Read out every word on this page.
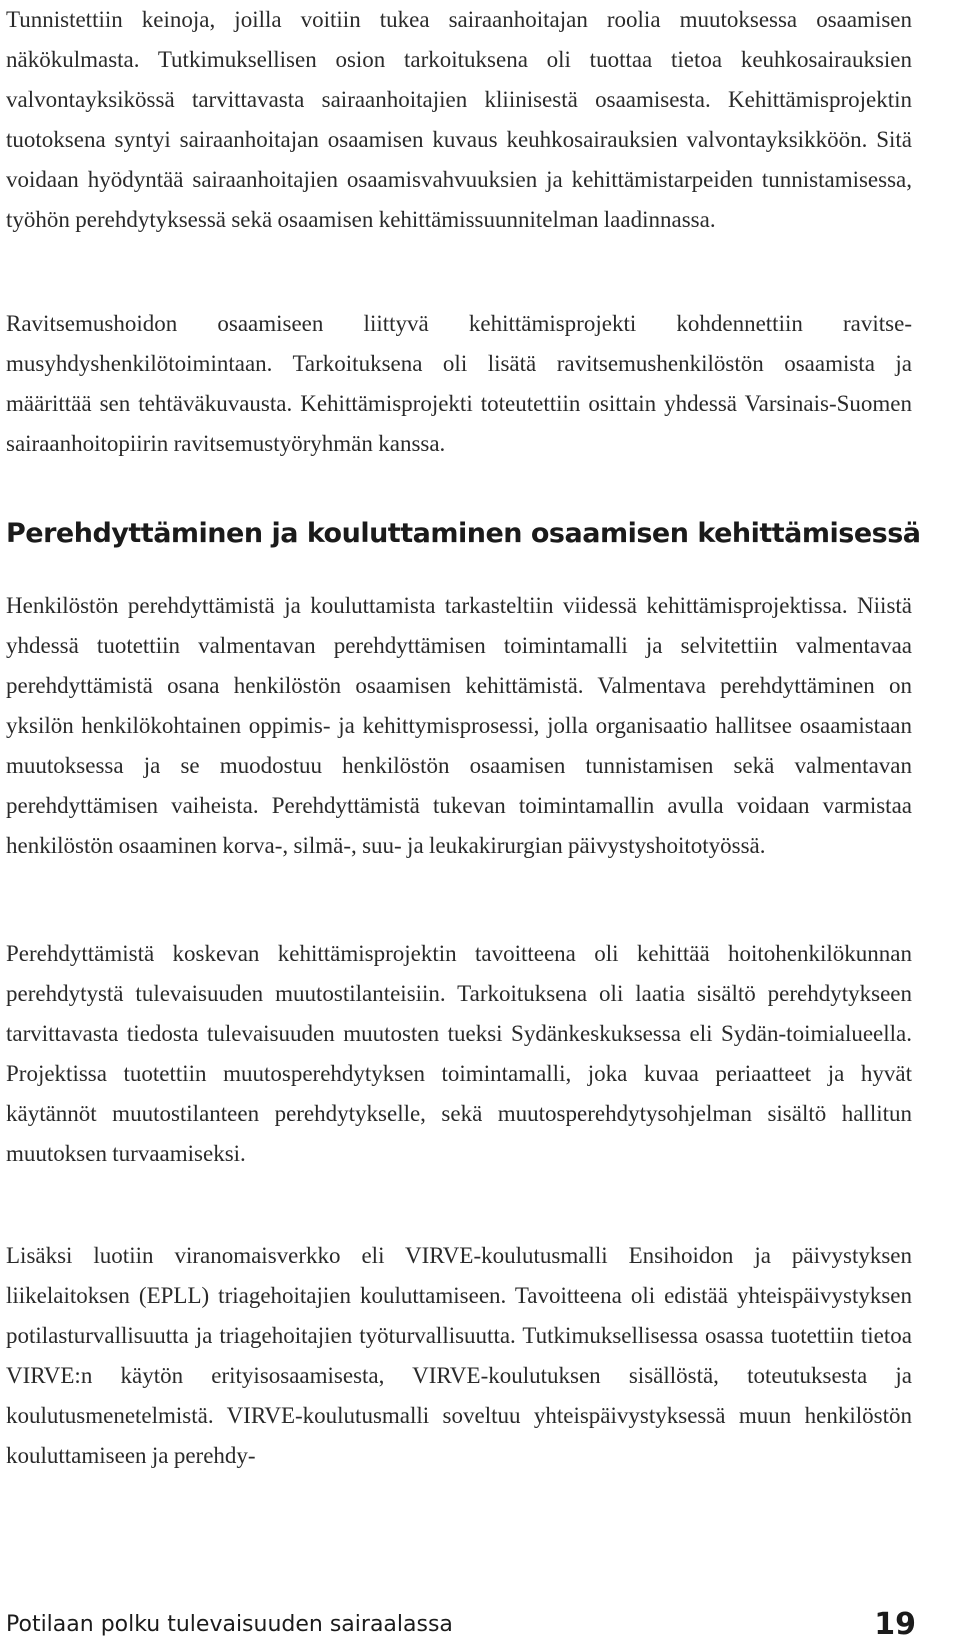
Tunnistettiin keinoja, joilla voitiin tukea sairaanhoitajan roolia muutoksessa osaamisen näkökulmasta. Tutkimuksellisen osion tarkoituksena oli tuottaa tietoa keuhkosairauksien valvontayksikössä tarvittavasta sairaanhoitajien kliinisestä osaamisesta. Kehittämisprojektin tuotoksena syntyi sairaanhoitajan osaamisen kuvaus keuhkosairauksien valvontayksikköön. Sitä voidaan hyödyntää sairaanhoitajien osaamisvahvuuksien ja kehittämistarpeiden tunnistamisessa, työhön perehdytyksessä sekä osaamisen kehittämissuunnitelman laadinnassa.

Ravitsemushoidon osaamiseen liittyvä kehittämisprojekti kohdennettiin ravitsemusyhdyshenkilötoimintaan. Tarkoituksena oli lisätä ravitsemushenkilöstön osaamista ja määrittää sen tehtäväkuvausta. Kehittämisprojekti toteutettiin osittain yhdessä Varsinais-Suomen sairaanhoitopiirin ravitsemustyöryhmän kanssa.

Perehdyttäminen ja kouluttaminen osaamisen kehittämisessä

Henkilöstön perehdyttämistä ja kouluttamista tarkasteltiin viidessä kehittämisprojektissa. Niistä yhdessä tuotettiin valmentavan perehdyttämisen toimintamalli ja selvitettiin valmentavaa perehdyttämistä osana henkilöstön osaamisen kehittämistä. Valmentava perehdyttäminen on yksilön henkilökohtainen oppimis- ja kehittymisprosessi, jolla organisaatio hallitsee osaamistaan muutoksessa ja se muodostuu henkilöstön osaamisen tunnistamisen sekä valmentavan perehdyttämisen vaihеista. Perehdyttämistä tukevan toimintamallin avulla voidaan varmistaa henkilöstön osaaminen korva-, silmä-, suu- ja leukakirurgian päivystyshoitotyössä.

Perehdyttämistä koskevan kehittämisprojektin tavoitteena oli kehittää hoitohenkilökunnan perehdytystä tulevaisuuden muutostilanteisiin. Tarkoituksena oli laatia sisältö perehdytykseen tarvittavasta tiedosta tulevaisuuden muutosten tueksi Sydänkeskuksessa eli Sydän-toimialueella. Projektissa tuotettiin muutosperehdytyksen toimintamalli, joka kuvaa periaatteet ja hyvät käytännöt muutostilanteen perehdytykselle, sekä muutosperehdytysohjelman sisältö hallitun muutoksen turvaamiseksi.

Lisäksi luotiin viranomaisverkko eli VIRVE-koulutusmalli Ensihoidon ja päivystyksen liikelaitoksen (EPLL) triagehoitajien kouluttamiseen. Tavoitteena oli edistää yhteispäivystyksen potilasturvallisuutta ja triagehoitajien työturvallisuutta. Tutkimuksellisessa osassa tuotettiin tietoa VIRVE:n käytön erityisosaamisesta, VIRVE-koulutuksen sisällöstä, toteutuksesta ja koulutusmenetelmistä. VIRVE-koulutusmalli soveltuu yhteispäivystyksessä muun henkilöstön kouluttamiseen ja perehdy-

Potilaan polku tulevaisuuden sairaalassa	19
